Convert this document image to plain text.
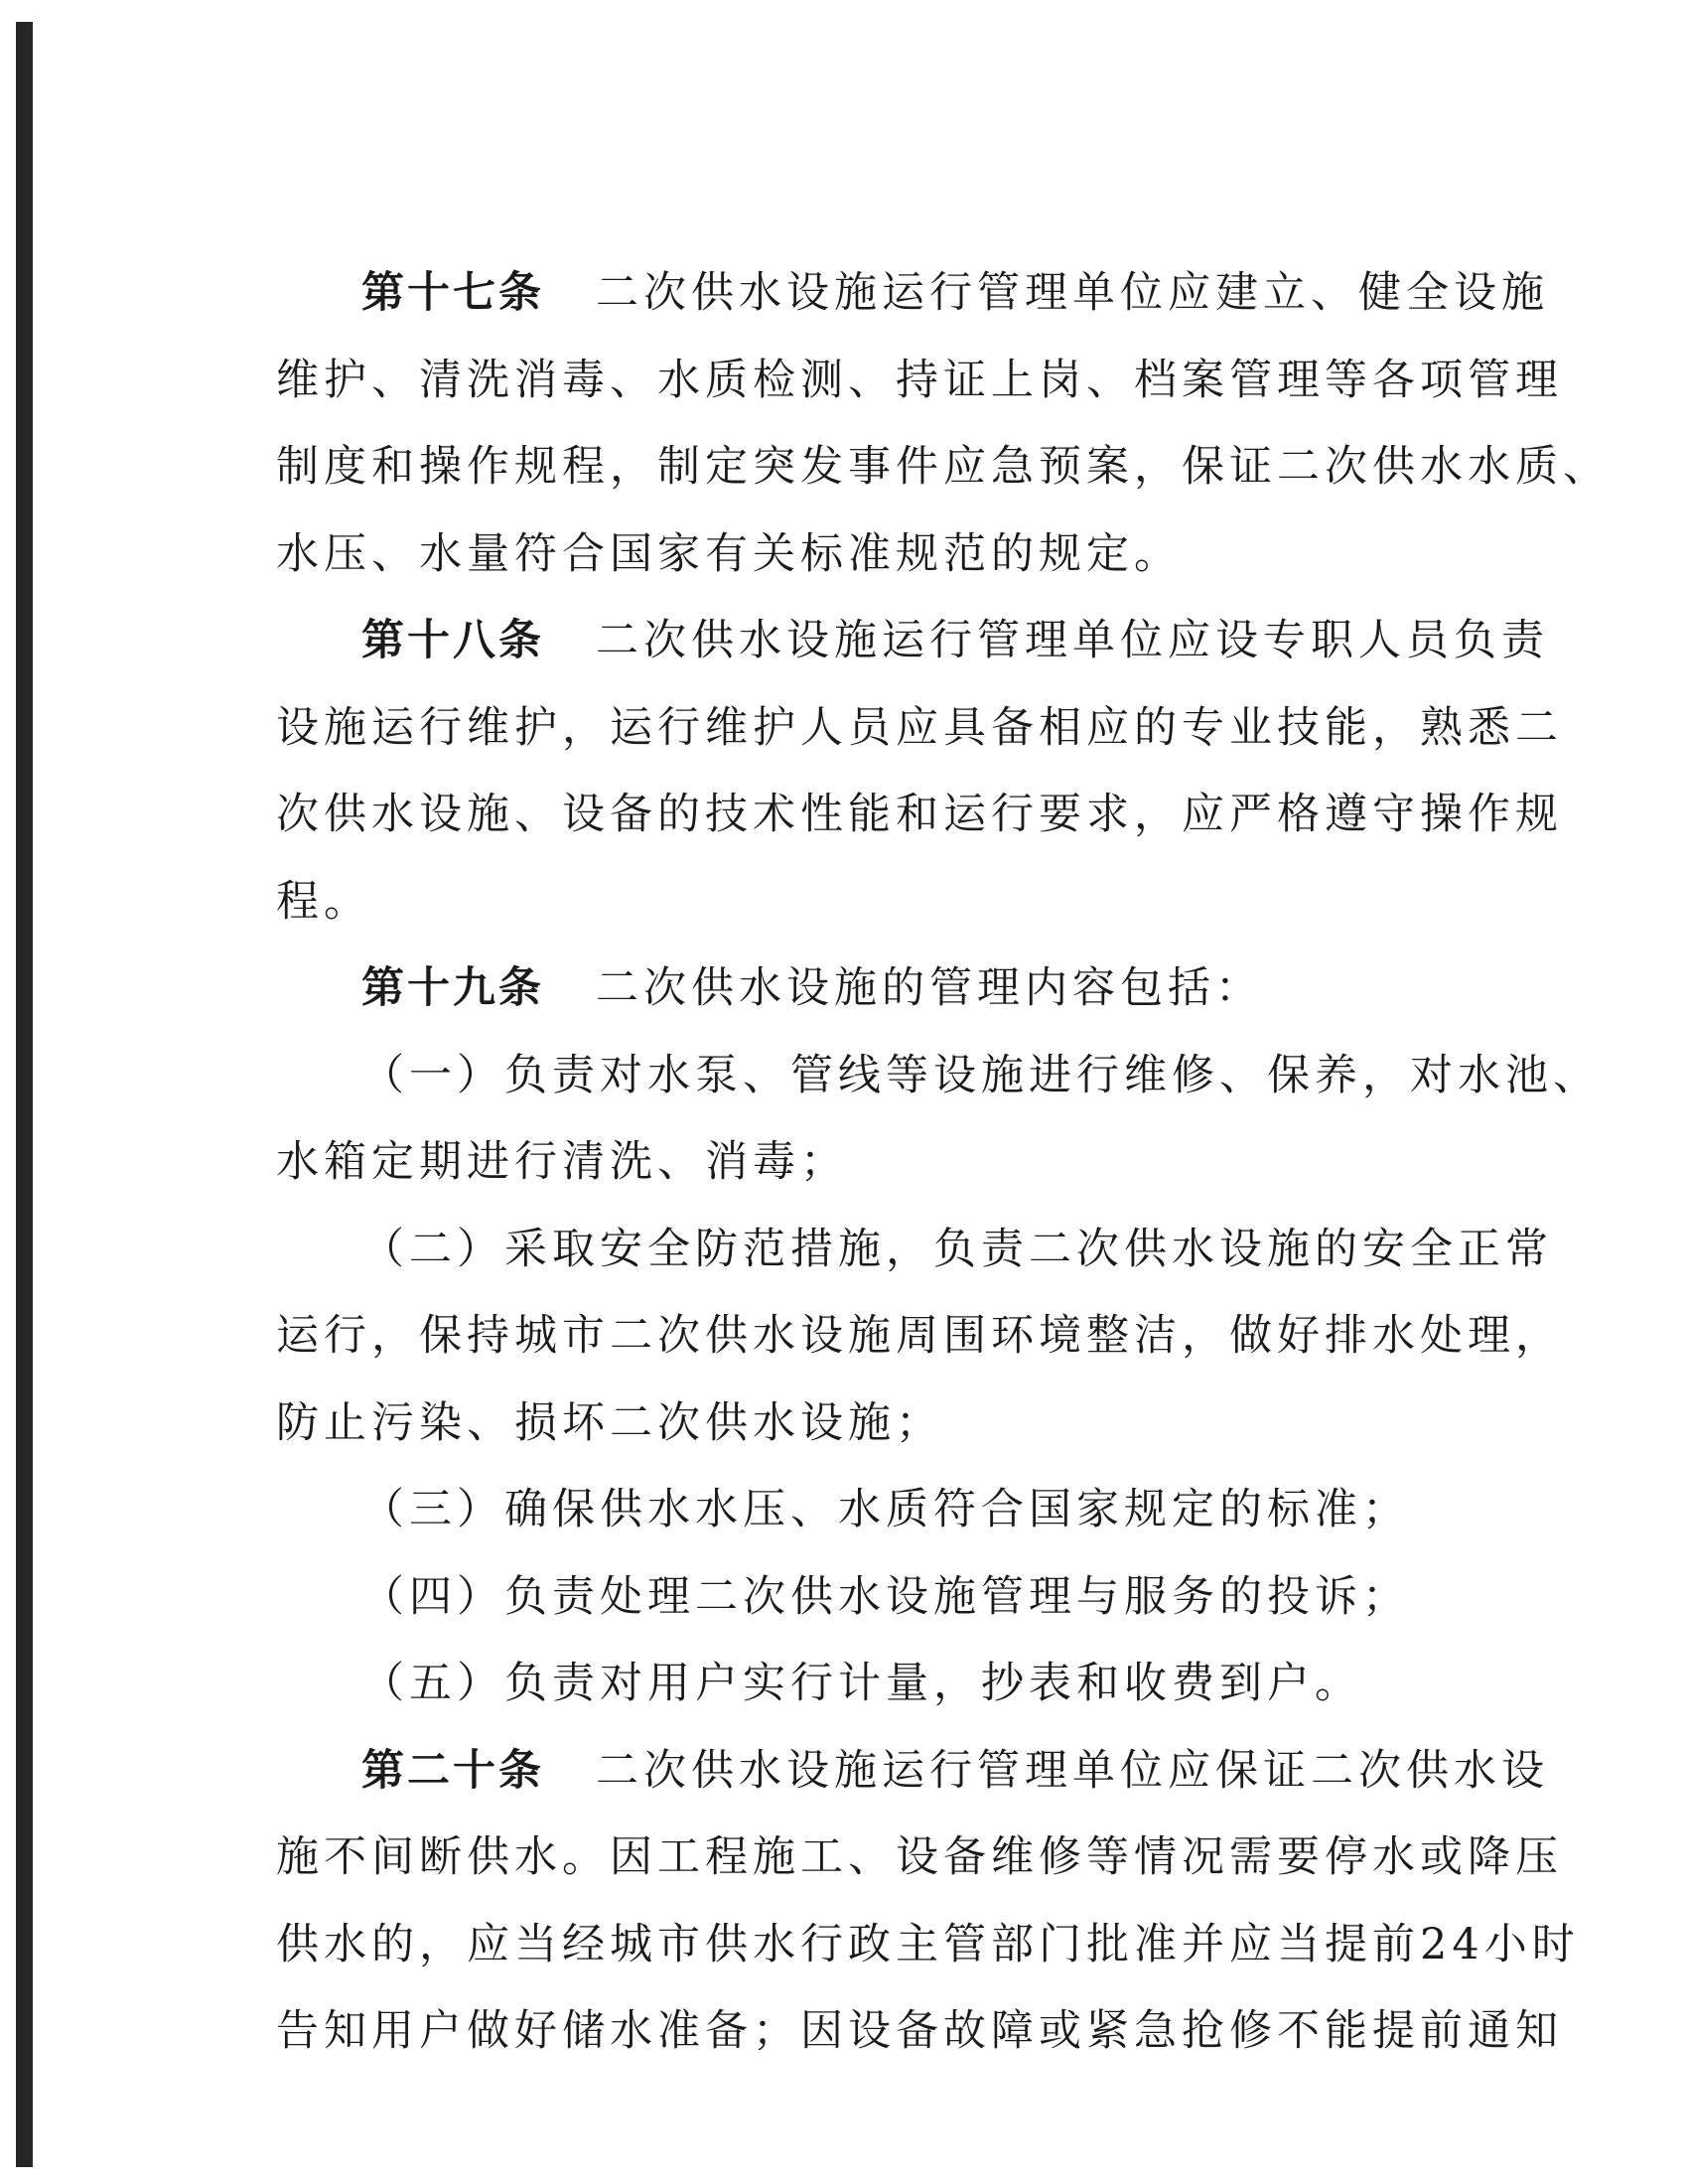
第十七条 二次供水设施运行管理单位应建立、健全设施
维护、清洗消毒、水质检测、持证上岗、档案管理等各项管理
制度和操作规程，制定突发事件应急预案，保证二次供水水质、
水压、水量符合国家有关标准规范的规定。
第十八条 二次供水设施运行管理单位应设专职人员负责
设施运行维护，运行维护人员应具备相应的专业技能，熟悉二
次供水设施、设备的技术性能和运行要求，应严格遵守操作规
程。
第十九条 二次供水设施的管理内容包括：
（一）负责对水泵、管线等设施进行维修、保养，对水池、
水箱定期进行清洗、消毒；
（二）采取安全防范措施，负责二次供水设施的安全正常
运行，保持城市二次供水设施周围环境整洁，做好排水处理，
防止污染、损坏二次供水设施；
（三）确保供水水压、水质符合国家规定的标准；
（四）负责处理二次供水设施管理与服务的投诉；
（五）负责对用户实行计量，抄表和收费到户。
第二十条 二次供水设施运行管理单位应保证二次供水设
施不间断供水。因工程施工、设备维修等情况需要停水或降压
供水的，应当经城市供水行政主管部门批准并应当提前24小时
告知用户做好储水准备；因设备故障或紧急抢修不能提前通知
